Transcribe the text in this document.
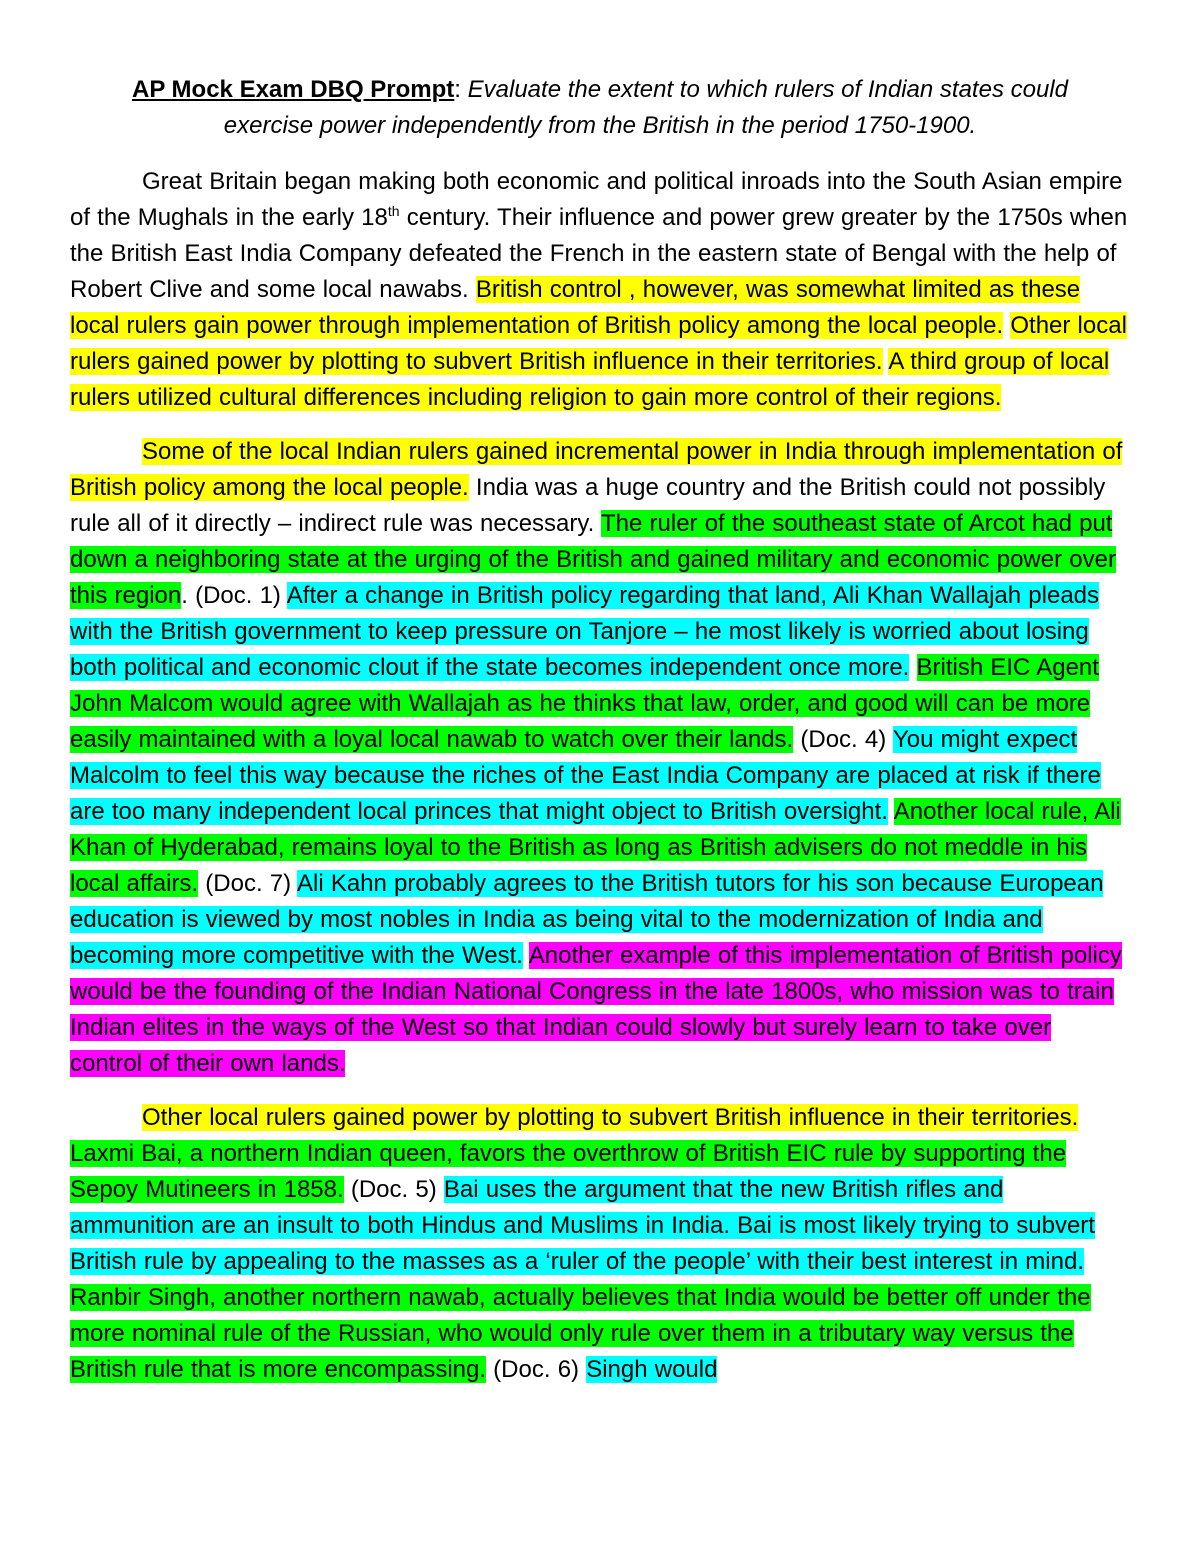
AP Mock Exam DBQ Prompt: Evaluate the extent to which rulers of Indian states could exercise power independently from the British in the period 1750-1900.

Great Britain began making both economic and political inroads into the South Asian empire of the Mughals in the early 18th century. Their influence and power grew greater by the 1750s when the British East India Company defeated the French in the eastern state of Bengal with the help of Robert Clive and some local nawabs. British control , however, was somewhat limited as these local rulers gain power through implementation of British policy among the local people. Other local rulers gained power by plotting to subvert British influence in their territories. A third group of local rulers utilized cultural differences including religion to gain more control of their regions.

Some of the local Indian rulers gained incremental power in India through implementation of British policy among the local people. India was a huge country and the British could not possibly rule all of it directly – indirect rule was necessary. The ruler of the southeast state of Arcot had put down a neighboring state at the urging of the British and gained military and economic power over this region. (Doc. 1) After a change in British policy regarding that land, Ali Khan Wallajah pleads with the British government to keep pressure on Tanjore – he most likely is worried about losing both political and economic clout if the state becomes independent once more. British EIC Agent John Malcom would agree with Wallajah as he thinks that law, order, and good will can be more easily maintained with a loyal local nawab to watch over their lands. (Doc. 4) You might expect Malcolm to feel this way because the riches of the East India Company are placed at risk if there are too many independent local princes that might object to British oversight. Another local rule, Ali Khan of Hyderabad, remains loyal to the British as long as British advisers do not meddle in his local affairs. (Doc. 7) Ali Kahn probably agrees to the British tutors for his son because European education is viewed by most nobles in India as being vital to the modernization of India and becoming more competitive with the West. Another example of this implementation of British policy would be the founding of the Indian National Congress in the late 1800s, who mission was to train Indian elites in the ways of the West so that Indian could slowly but surely learn to take over control of their own lands.

Other local rulers gained power by plotting to subvert British influence in their territories. Laxmi Bai, a northern Indian queen, favors the overthrow of British EIC rule by supporting the Sepoy Mutineers in 1858. (Doc. 5) Bai uses the argument that the new British rifles and ammunition are an insult to both Hindus and Muslims in India. Bai is most likely trying to subvert British rule by appealing to the masses as a ‘ruler of the people’ with their best interest in mind. Ranbir Singh, another northern nawab, actually believes that India would be better off under the more nominal rule of the Russian, who would only rule over them in a tributary way versus the British rule that is more encompassing. (Doc. 6) Singh would
